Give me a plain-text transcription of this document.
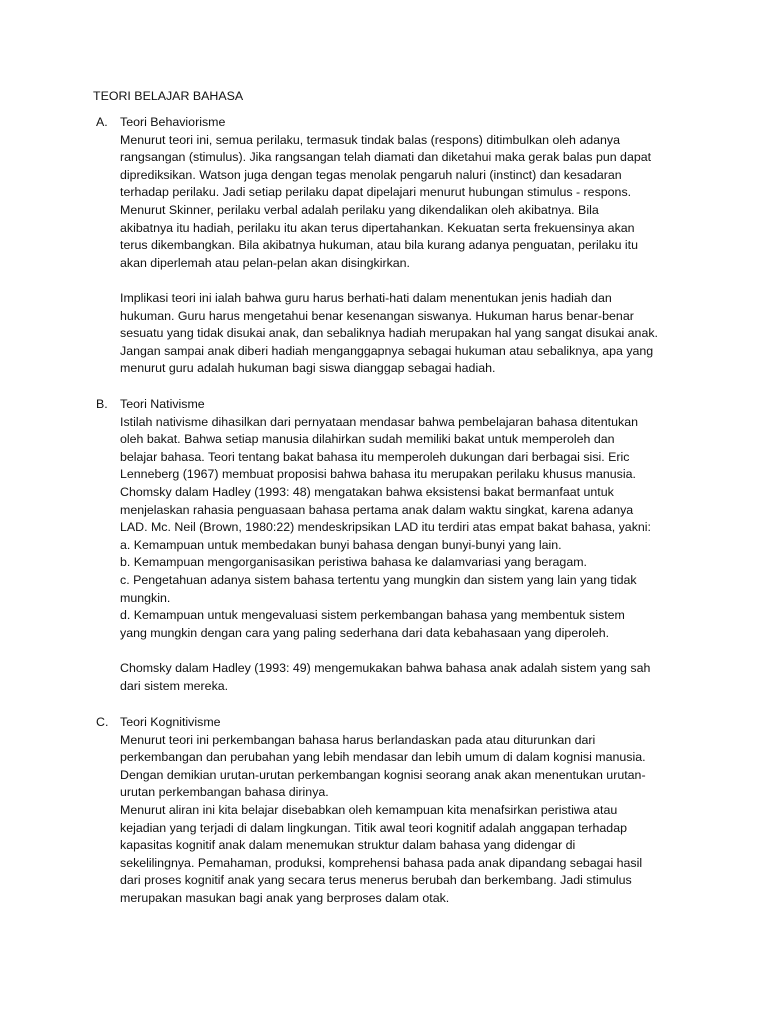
TEORI BELAJAR BAHASA
A. Teori Behaviorisme
Menurut teori ini, semua perilaku, termasuk tindak balas (respons) ditimbulkan oleh adanya
rangsangan (stimulus). Jika rangsangan telah diamati dan diketahui maka gerak balas pun dapat
diprediksikan. Watson juga dengan tegas menolak pengaruh naluri (instinct) dan kesadaran
terhadap perilaku. Jadi setiap perilaku dapat dipelajari menurut hubungan stimulus - respons.
Menurut Skinner, perilaku verbal adalah perilaku yang dikendalikan oleh akibatnya. Bila
akibatnya itu hadiah, perilaku itu akan terus dipertahankan. Kekuatan serta frekuensinya akan
terus dikembangkan. Bila akibatnya hukuman, atau bila kurang adanya penguatan, perilaku itu
akan diperlemah atau pelan-pelan akan disingkirkan.
Implikasi teori ini ialah bahwa guru harus berhati-hati dalam menentukan jenis hadiah dan
hukuman. Guru harus mengetahui benar kesenangan siswanya. Hukuman harus benar-benar
sesuatu yang tidak disukai anak, dan sebaliknya hadiah merupakan hal yang sangat disukai anak.
Jangan sampai anak diberi hadiah menganggapnya sebagai hukuman atau sebaliknya, apa yang
menurut guru adalah hukuman bagi siswa dianggap sebagai hadiah.
B. Teori Nativisme
Istilah nativisme dihasilkan dari pernyataan mendasar bahwa pembelajaran bahasa ditentukan
oleh bakat. Bahwa setiap manusia dilahirkan sudah memiliki bakat untuk memperoleh dan
belajar bahasa. Teori tentang bakat bahasa itu memperoleh dukungan dari berbagai sisi. Eric
Lenneberg (1967) membuat proposisi bahwa bahasa itu merupakan perilaku khusus manusia.
Chomsky dalam Hadley (1993: 48) mengatakan bahwa eksistensi bakat bermanfaat untuk
menjelaskan rahasia penguasaan bahasa pertama anak dalam waktu singkat, karena adanya
LAD. Mc. Neil (Brown, 1980:22) mendeskripsikan LAD itu terdiri atas empat bakat bahasa, yakni:
a. Kemampuan untuk membedakan bunyi bahasa dengan bunyi-bunyi yang lain.
b. Kemampuan mengorganisasikan peristiwa bahasa ke dalamvariasi yang beragam.
c. Pengetahuan adanya sistem bahasa tertentu yang mungkin dan sistem yang lain yang tidak
mungkin.
d. Kemampuan untuk mengevaluasi sistem perkembangan bahasa yang membentuk sistem
yang mungkin dengan cara yang paling sederhana dari data kebahasaan yang diperoleh.
Chomsky dalam Hadley (1993: 49) mengemukakan bahwa bahasa anak adalah sistem yang sah
dari sistem mereka.
C. Teori Kognitivisme
Menurut teori ini perkembangan bahasa harus berlandaskan pada atau diturunkan dari
perkembangan dan perubahan yang lebih mendasar dan lebih umum di dalam kognisi manusia.
Dengan demikian urutan-urutan perkembangan kognisi seorang anak akan menentukan urutan-
urutan perkembangan bahasa dirinya.
Menurut aliran ini kita belajar disebabkan oleh kemampuan kita menafsirkan peristiwa atau
kejadian yang terjadi di dalam lingkungan. Titik awal teori kognitif adalah anggapan terhadap
kapasitas kognitif anak dalam menemukan struktur dalam bahasa yang didengar di
sekelilingnya. Pemahaman, produksi, komprehensi bahasa pada anak dipandang sebagai hasil
dari proses kognitif anak yang secara terus menerus berubah dan berkembang. Jadi stimulus
merupakan masukan bagi anak yang berproses dalam otak.
